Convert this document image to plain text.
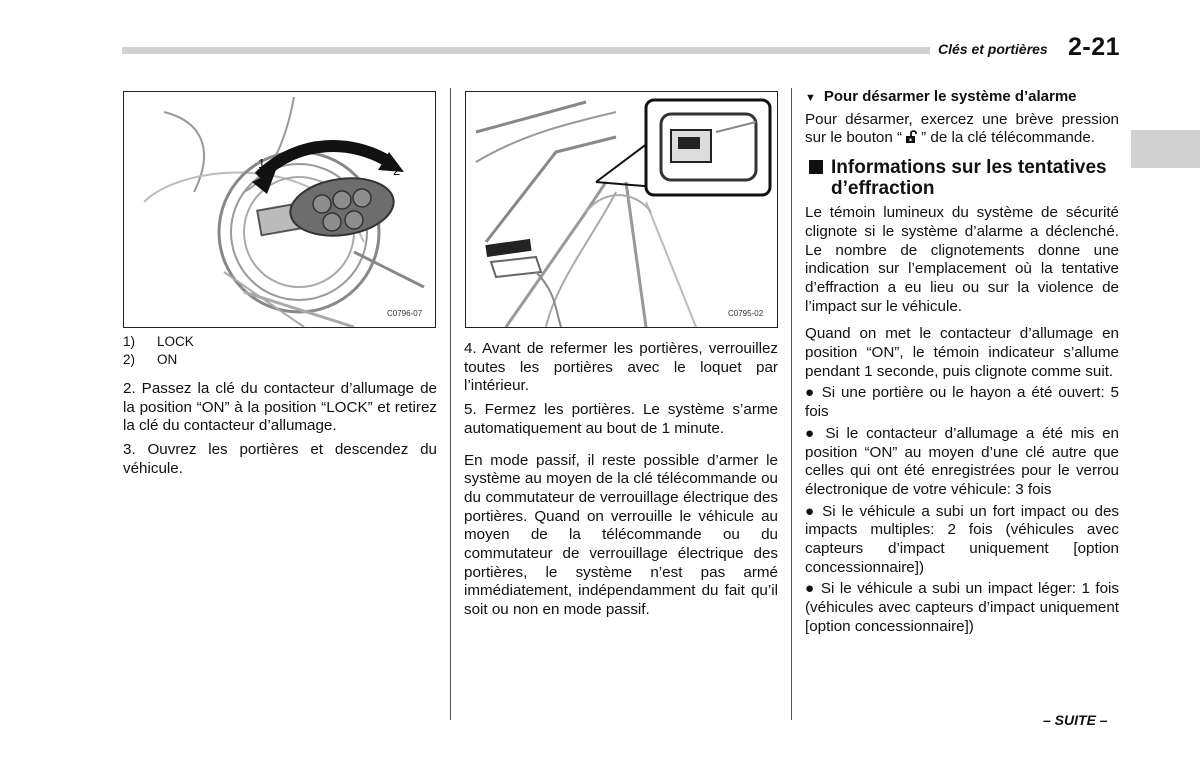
Clés et portières 2-21
1	2
C0796-07
1) LOCK
2) ON

2. Passez la clé du contacteur d’allumage de la position “ON” à la position “LOCK” et retirez la clé du contacteur d’allumage.

3. Ouvrez les portières et descendez du véhicule.

C0795-02

4. Avant de refermer les portières, verrouillez toutes les portières avec le loquet par l’intérieur.

5. Fermez les portières. Le système s’arme automatiquement au bout de 1 minute.

En mode passif, il reste possible d’armer le système au moyen de la clé télécommande ou du commutateur de verrouillage électrique des portières. Quand on verrouille le véhicule au moyen de la télécommande ou du commutateur de verrouillage électrique des portières, le système n’est pas armé immédiatement, indépendamment du fait qu’il soit ou non en mode passif.

▼ Pour désarmer le système d’alarme

Pour désarmer, exercez une brève pression sur le bouton “ ” de la clé télécommande.

Informations sur les tentatives d’effraction

Le témoin lumineux du système de sécurité clignote si le système d’alarme a déclenché. Le nombre de clignotements donne une indication sur l’emplacement où la tentative d’effraction a eu lieu ou sur la violence de l’impact sur le véhicule.

Quand on met le contacteur d’allumage en position “ON”, le témoin indicateur s’allume pendant 1 seconde, puis clignote comme suit.

● Si une portière ou le hayon a été ouvert: 5 fois

● Si le contacteur d’allumage a été mis en position “ON” au moyen d’une clé autre que celles qui ont été enregistrées pour le verrou électronique de votre véhicule: 3 fois

● Si le véhicule a subi un fort impact ou des impacts multiples: 2 fois (véhicules avec capteurs d’impact uniquement [option concessionnaire])

● Si le véhicule a subi un impact léger: 1 fois (véhicules avec capteurs d’impact uniquement [option concessionnaire])

– SUITE –
